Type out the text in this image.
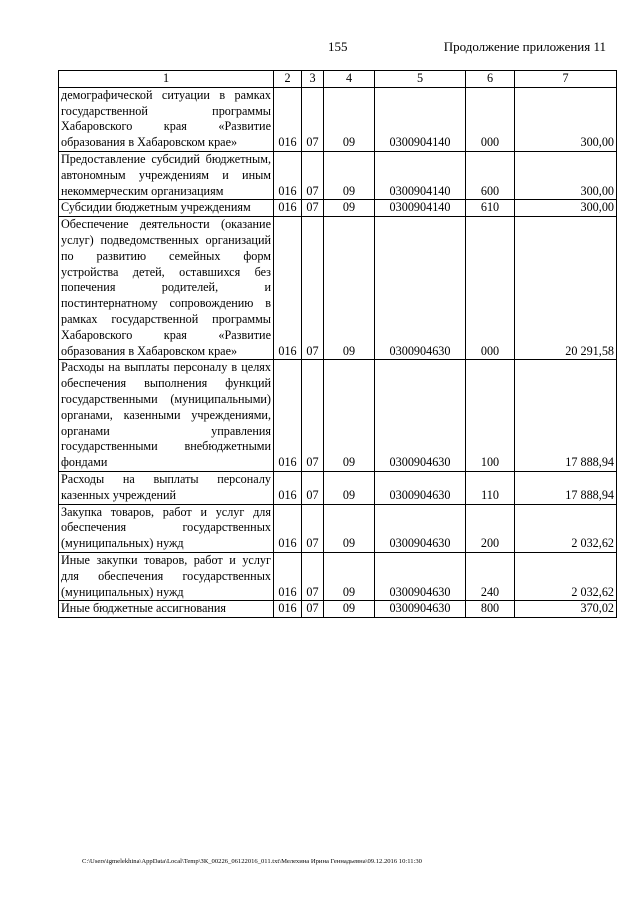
155	Продолжение приложения 11
1	2	3	4	5	6	7
демографической ситуации в рамках государственной программы Хабаровского края «Развитие образования в Хабаровском крае»	016	07	09	0300904140	000	300,00
Предоставление субсидий бюджетным, автономным учреждениям и иным некоммерческим организациям	016	07	09	0300904140	600	300,00
Субсидии бюджетным учреждениям	016	07	09	0300904140	610	300,00
Обеспечение деятельности (оказание услуг) подведомственных организаций по развитию семейных форм устройства детей, оставшихся без попечения родителей, и постинтернатному сопровождению в рамках государственной программы Хабаровского края «Развитие образования в Хабаровском крае»	016	07	09	0300904630	000	20 291,58
Расходы на выплаты персоналу в целях обеспечения выполнения функций государственными (муниципальными) органами, казенными учреждениями, органами управления государственными внебюджетными фондами	016	07	09	0300904630	100	17 888,94
Расходы на выплаты персоналу казенных учреждений	016	07	09	0300904630	110	17 888,94
Закупка товаров, работ и услуг для обеспечения государственных (муниципальных) нужд	016	07	09	0300904630	200	2 032,62
Иные закупки товаров, работ и услуг для обеспечения государственных (муниципальных) нужд	016	07	09	0300904630	240	2 032,62
Иные бюджетные ассигнования	016	07	09	0300904630	800	370,02
C:\Users\igmelekhina\AppData\Local\Temp\ЗК_00226_06122016_011.txt\Мелехина Ирина Геннадьевна\09.12.2016 10:11:30
